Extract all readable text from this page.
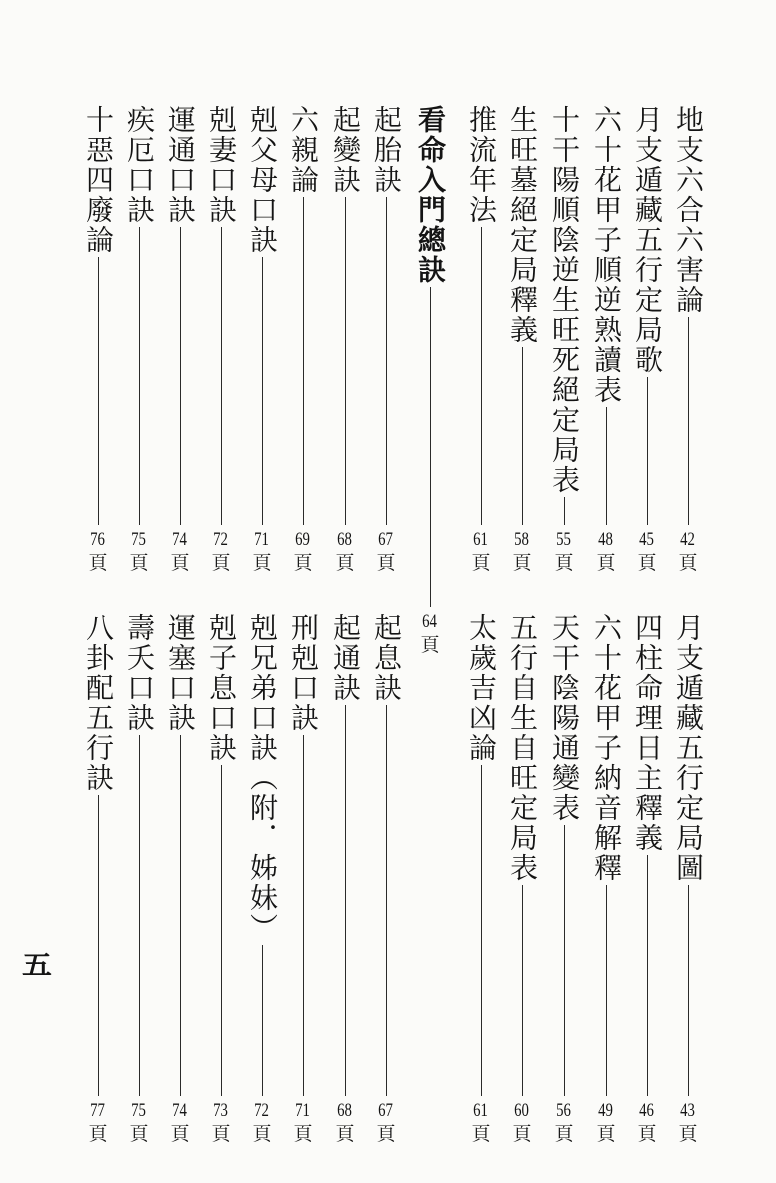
地支六合六害論
42
頁
月支遁藏五行定局歌
45
頁
六十花甲子順逆熟讀表
48
頁
十干陽順陰逆生旺死絕定局表
55
頁
生旺墓絕定局釋義
58
頁
推流年法
61
頁
看命入門總訣
64
頁
起胎訣
67
頁
起變訣
68
頁
六親論
69
頁
剋父母口訣
71
頁
剋妻口訣
72
頁
運通口訣
74
頁
疾厄口訣
75
頁
十惡四廢論
76
頁
月支遁藏五行定局圖
43
頁
四柱命理日主釋義
46
頁
六十花甲子納音解釋
49
頁
天干陰陽通變表
56
頁
五行自生自旺定局表
60
頁
太歲吉凶論
61
頁
起息訣
67
頁
起通訣
68
頁
刑剋口訣
71
頁
剋兄弟口訣（附．姊妹）
72
頁
剋子息口訣
73
頁
運塞口訣
74
頁
壽夭口訣
75
頁
八卦配五行訣
77
頁
五
